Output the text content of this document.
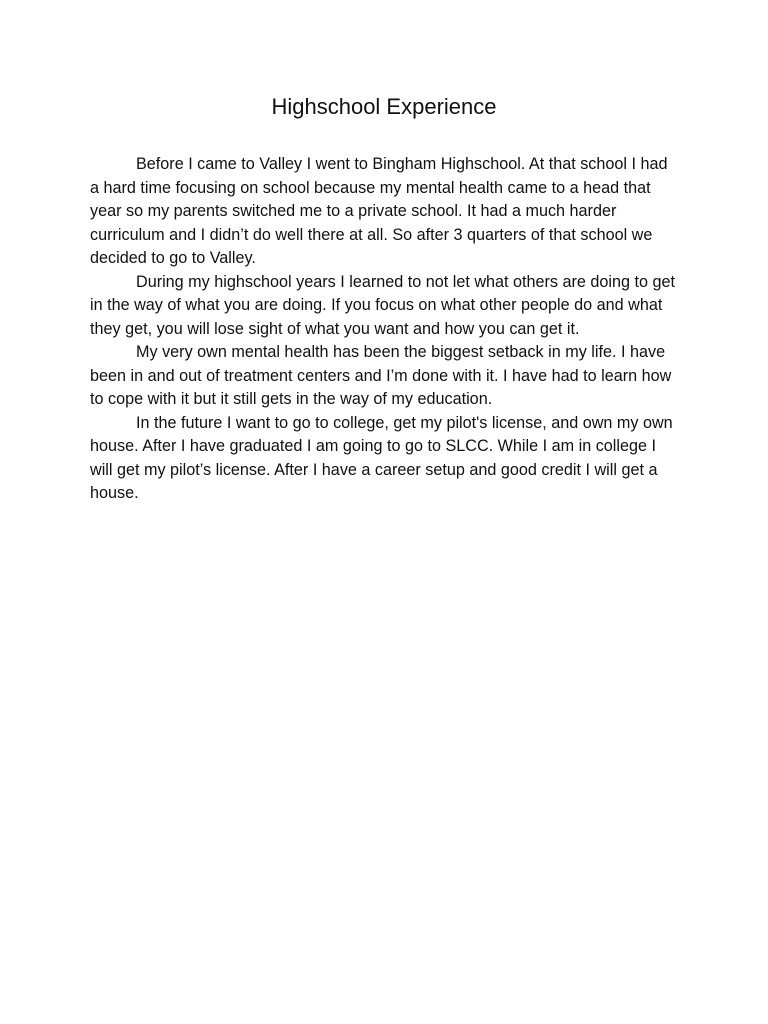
Highschool Experience

Before I came to Valley I went to Bingham Highschool. At that school I had a hard time focusing on school because my mental health came to a head that year so my parents switched me to a private school. It had a much harder curriculum and I didn’t do well there at all. So after 3 quarters of that school we decided to go to Valley.

During my highschool years I learned to not let what others are doing to get in the way of what you are doing. If you focus on what other people do and what they get, you will lose sight of what you want and how you can get it.

My very own mental health has been the biggest setback in my life. I have been in and out of treatment centers and I’m done with it. I have had to learn how to cope with it but it still gets in the way of my education.

In the future I want to go to college, get my pilot's license, and own my own house. After I have graduated I am going to go to SLCC. While I am in college I will get my pilot’s license. After I have a career setup and good credit I will get a house.
